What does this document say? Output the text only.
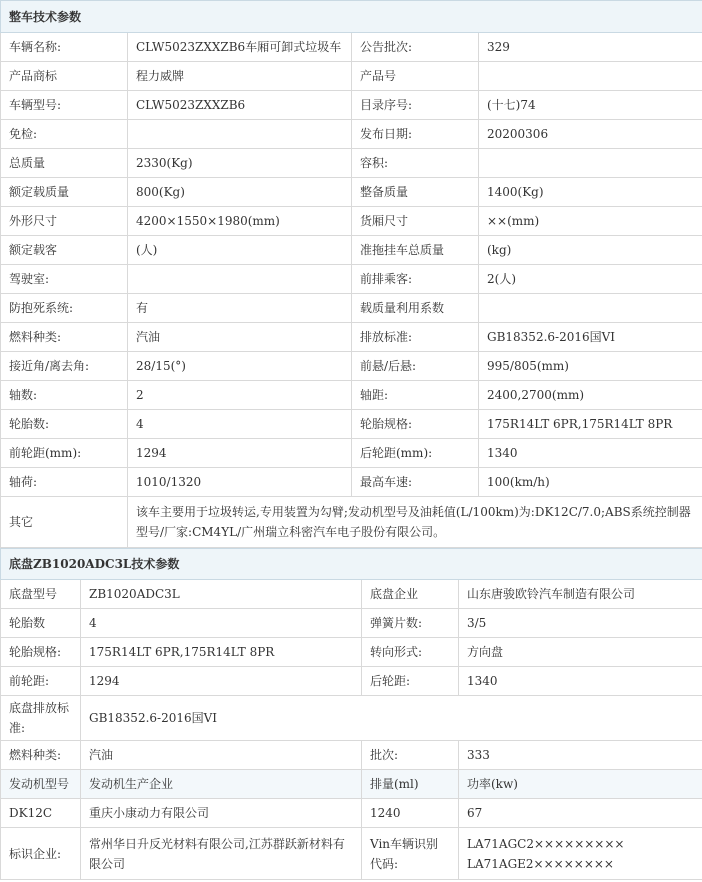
整车技术参数			
车辆名称:	CLW5023ZXXZB6车厢可卸式垃圾车	公告批次:	329
产品商标	程力威牌	产品号	
车辆型号:	CLW5023ZXXZB6	目录序号:	(十七)74
免检:		发布日期:	20200306
总质量	2330(Kg)	容积:	
额定载质量	800(Kg)	整备质量	1400(Kg)
外形尺寸	4200×1550×1980(mm)	货厢尺寸	××(mm)
额定载客	(人)	准拖挂车总质量	(kg)
驾驶室:		前排乘客:	2(人)
防抱死系统:	有	载质量利用系数	
燃料种类:	汽油	排放标准:	GB18352.6-2016国VI
接近角/离去角:	28/15(°)	前悬/后悬:	995/805(mm)
轴数:	2	轴距:	2400,2700(mm)
轮胎数:	4	轮胎规格:	175R14LT 6PR,175R14LT 8PR
前轮距(mm):	1294	后轮距(mm):	1340
轴荷:	1010/1320	最高车速:	100(km/h)
其它	该车主要用于垃圾转运,专用装置为勾臂;发动机型号及油耗值(L/100km)为:DK12C/7.0;ABS系统控制器型号/厂家:CM4YL/广州瑞立科密汽车电子股份有限公司。		
底盘ZB1020ADC3L技术参数			
底盘型号	ZB1020ADC3L	底盘企业	山东唐骏欧铃汽车制造有限公司
轮胎数	4	弹簧片数:	3/5
轮胎规格:	175R14LT 6PR,175R14LT 8PR	转向形式:	方向盘
前轮距:	1294	后轮距:	1340
底盘排放标准:	GB18352.6-2016国VI		
燃料种类:	汽油	批次:	333
发动机型号	发动机生产企业	排量(ml)	功率(kw)
DK12C	重庆小康动力有限公司	1240	67
标识企业:	常州华日升反光材料有限公司,江苏群跃新材料有限公司	Vin车辆识别代码:	LA71AGC2××××××××× LA71AGE2××××××××
